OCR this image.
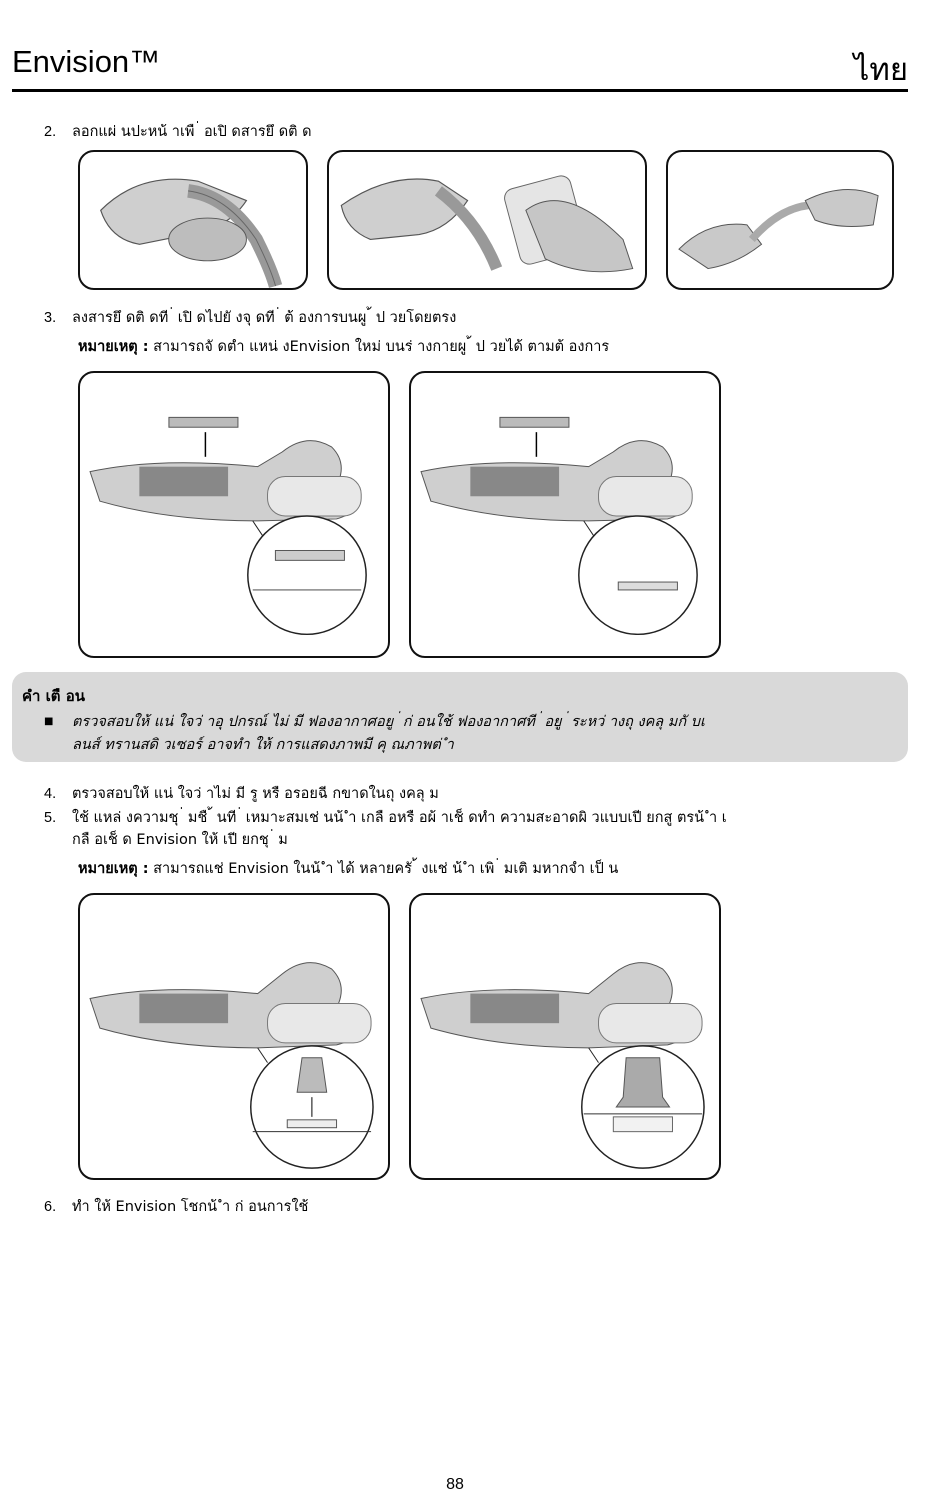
Envision™	ไทย
2. ลอกแผ่ นปะหน้ าเพื ่ อเปิ ดสารยึ ดติ ด
3. ลงสารยึ ดติ ดที ่ เปิ ดไปยั งจุ ดที ่ ต้ องการบนผู ้ ป วยโดยตรง
หมายเหตุ : สามารถจั ดตำ แหน่ งEnvision ใหม่ บนร่ างกายผู ้ ป วยได้ ตามต้ องการ
คำ เตื อน
■ ตรวจสอบให้ แน่ ใจว่ าอุ ปกรณ์ ไม่ มี ฟองอากาศอยู ่ ก่ อนใช้ ฟองอากาศที ่ อยู ่ ระหว่ างถุ งคลุ มกั บเ
ลนส์ ทรานสดิ วเซอร์ อาจทำ ให้ การแสดงภาพมี คุ ณภาพต่ ำ
4. ตรวจสอบให้ แน่ ใจว่ าไม่ มี รู หรื อรอยฉี กขาดในถุ งคลุ ม
5. ใช้ แหล่ งความชุ ่ มชื ้ นที ่ เหมาะสมเช่ นน้ ำ เกลื อหรื อผ้ าเช็ ดทำ ความสะอาดผิ วแบบเปี ยกสู ตรน้ ำ เ
กลื อเช็ ด Envision ให้ เปี ยกชุ ่ ม
หมายเหตุ : สามารถแช่ Envision ในน้ ำ ได้ หลายครั ้ งแช่ น้ ำ เพิ ่ มเติ มหากจำ เป็ น
6. ทำ ให้ Envision โชกน้ ำ ก่ อนการใช้
88
